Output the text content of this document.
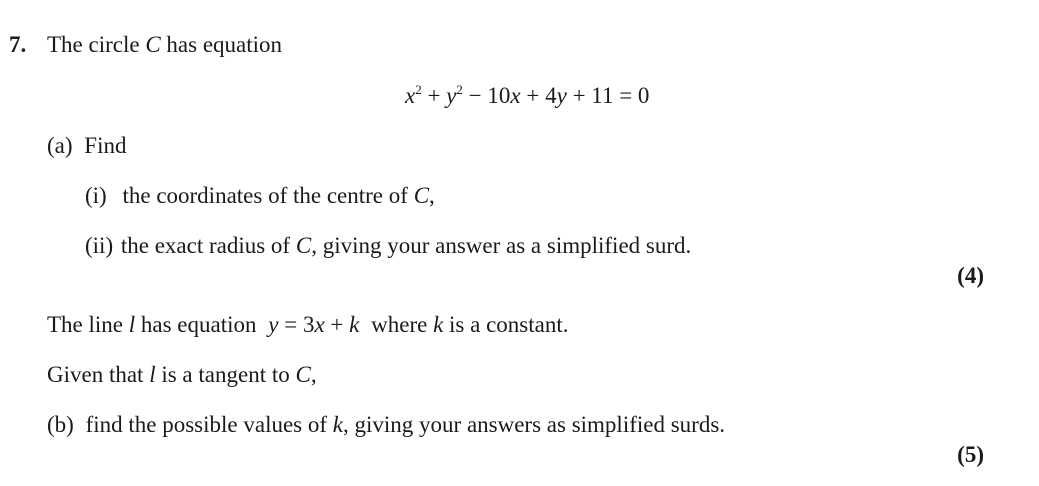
7. The circle C has equation
$x^2 + y^2 - 10x + 4y + 11 = 0$
(a) Find
(i) the coordinates of the centre of C,
(ii) the exact radius of C, giving your answer as a simplified surd.
(4)
The line l has equation y = 3x + k where k is a constant.
Given that l is a tangent to C,
(b) find the possible values of k, giving your answers as simplified surds.
(5)
